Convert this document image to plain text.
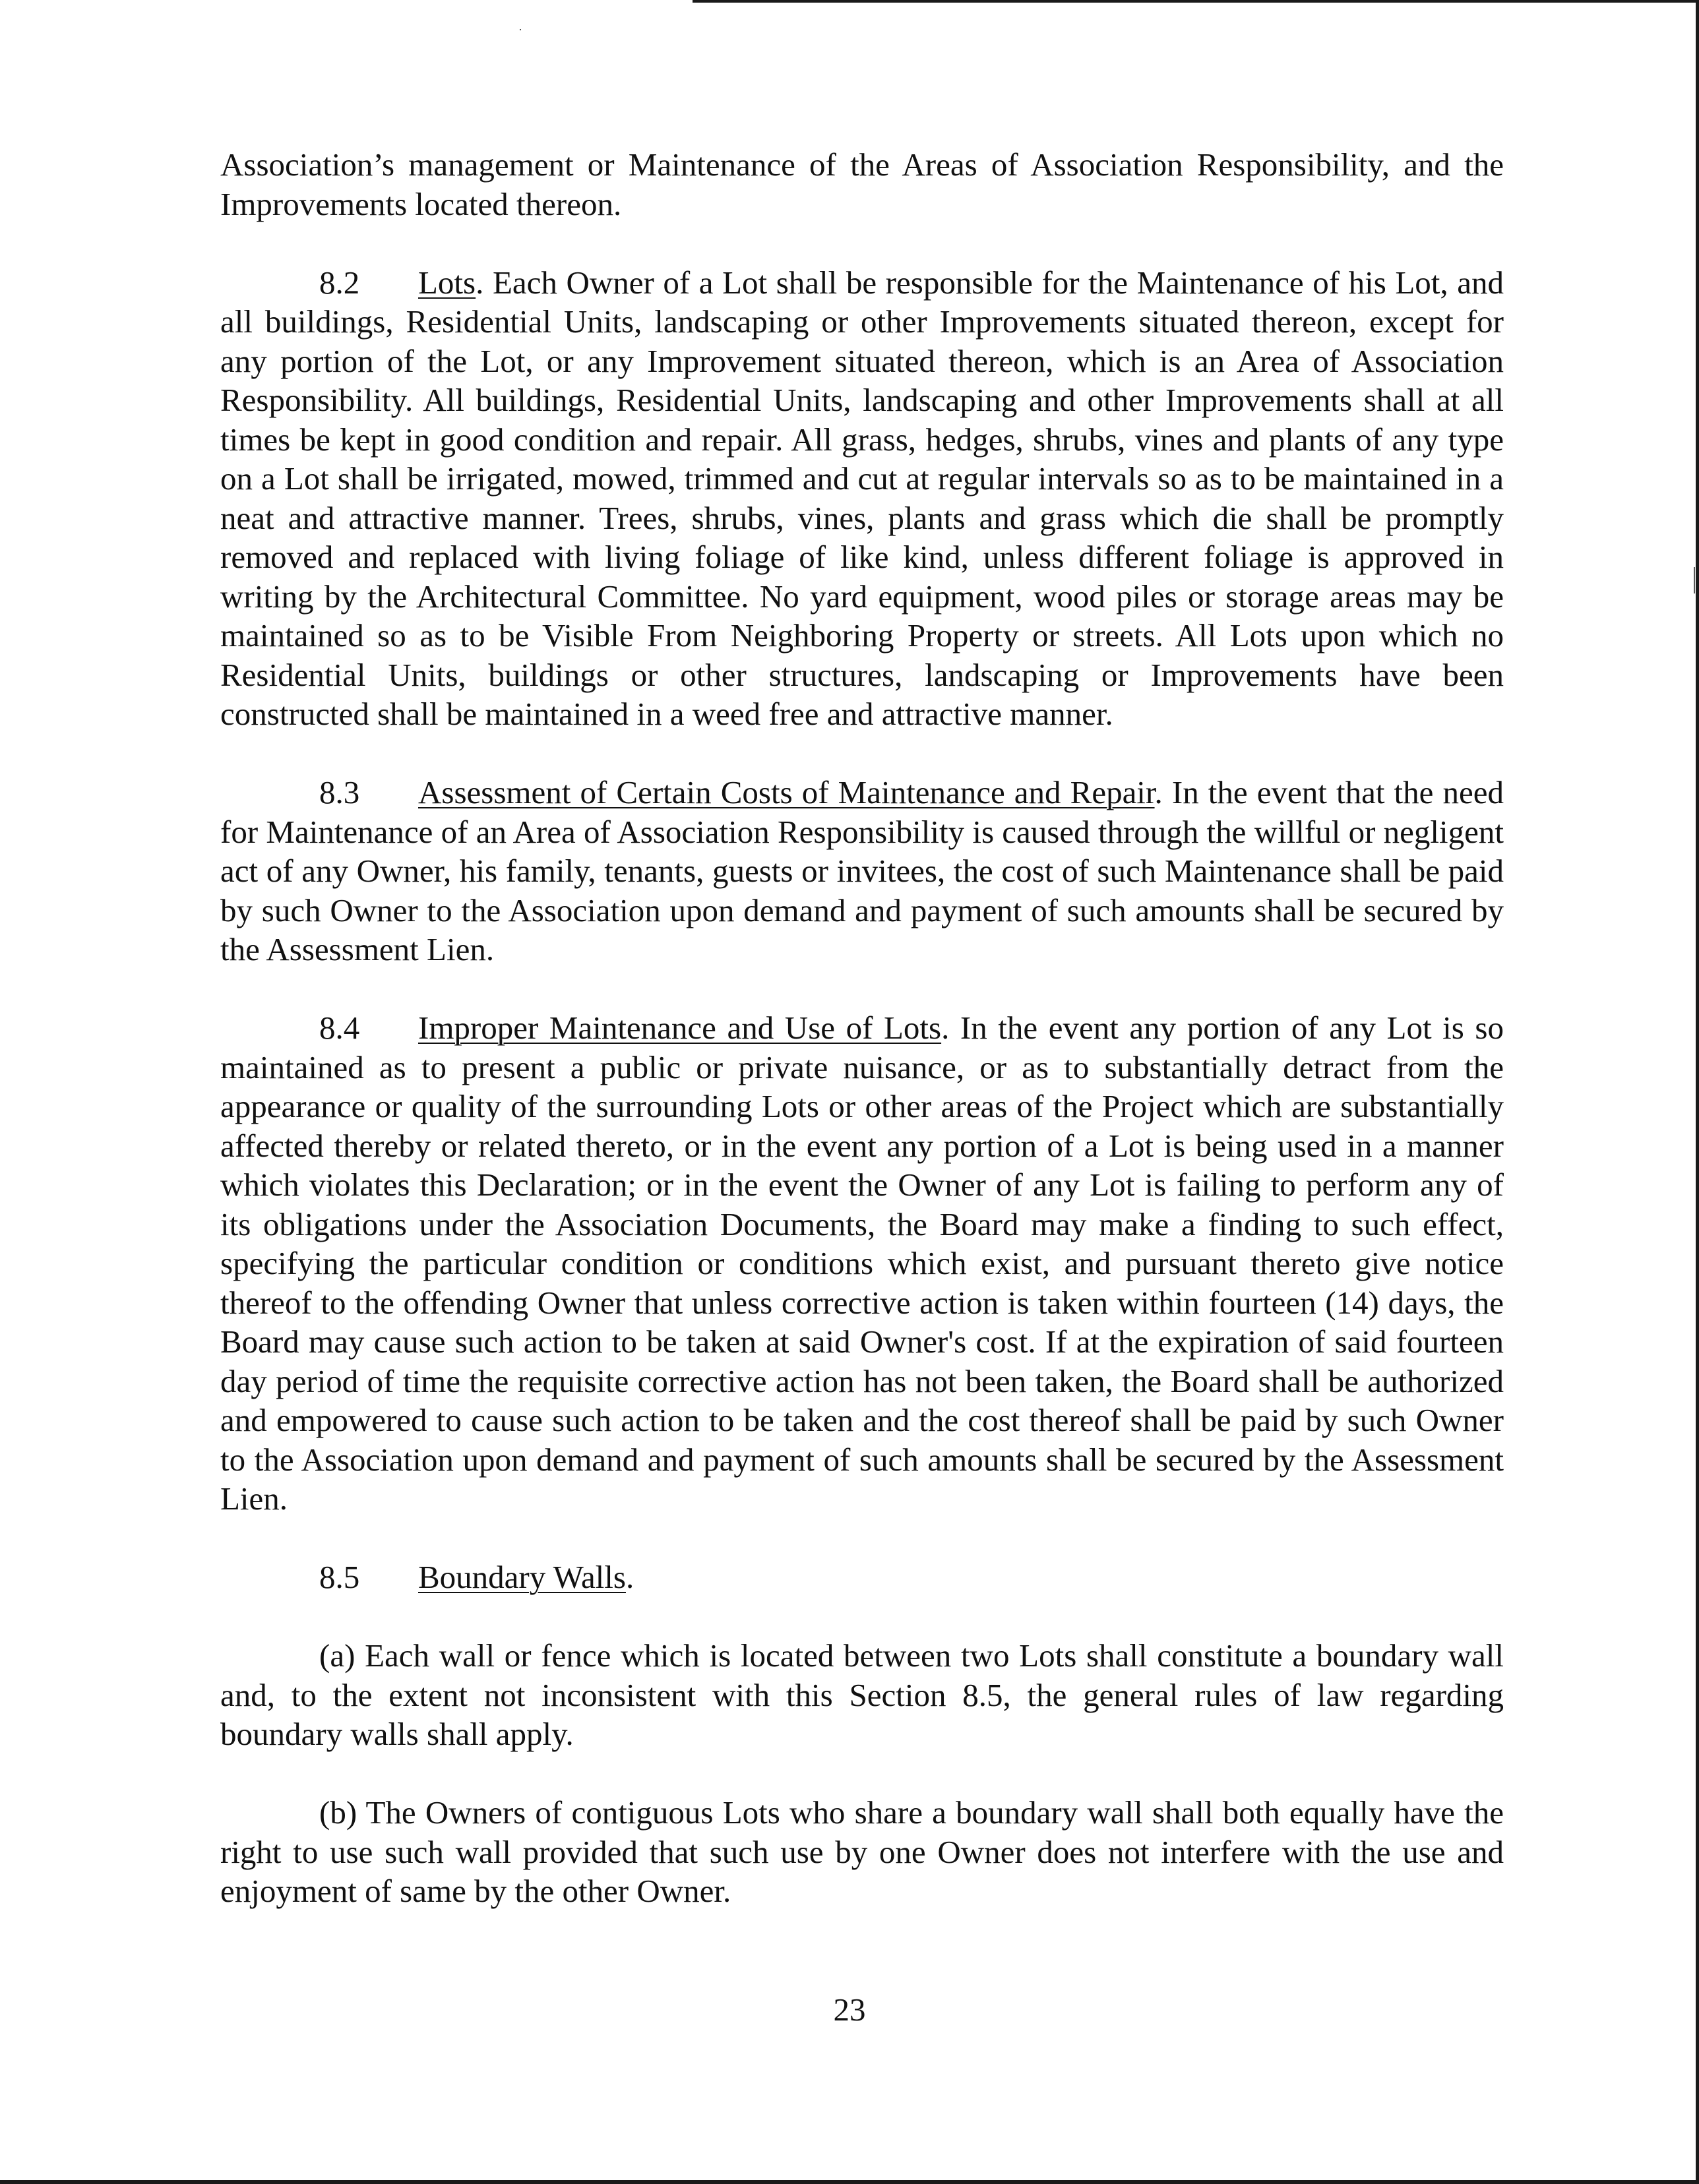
Association’s management or Maintenance of the Areas of Association Responsibility, and the Improvements located thereon.

8.2 Lots. Each Owner of a Lot shall be responsible for the Maintenance of his Lot, and all buildings, Residential Units, landscaping or other Improvements situated thereon, except for any portion of the Lot, or any Improvement situated thereon, which is an Area of Association Responsibility. All buildings, Residential Units, landscaping and other Improvements shall at all times be kept in good condition and repair. All grass, hedges, shrubs, vines and plants of any type on a Lot shall be irrigated, mowed, trimmed and cut at regular intervals so as to be maintained in a neat and attractive manner. Trees, shrubs, vines, plants and grass which die shall be promptly removed and replaced with living foliage of like kind, unless different foliage is approved in writing by the Architectural Committee. No yard equipment, wood piles or storage areas may be maintained so as to be Visible From Neighboring Property or streets. All Lots upon which no Residential Units, buildings or other structures, landscaping or Improvements have been constructed shall be maintained in a weed free and attractive manner.

8.3 Assessment of Certain Costs of Maintenance and Repair. In the event that the need for Maintenance of an Area of Association Responsibility is caused through the willful or negligent act of any Owner, his family, tenants, guests or invitees, the cost of such Maintenance shall be paid by such Owner to the Association upon demand and payment of such amounts shall be secured by the Assessment Lien.

8.4 Improper Maintenance and Use of Lots. In the event any portion of any Lot is so maintained as to present a public or private nuisance, or as to substantially detract from the appearance or quality of the surrounding Lots or other areas of the Project which are substantially affected thereby or related thereto, or in the event any portion of a Lot is being used in a manner which violates this Declaration; or in the event the Owner of any Lot is failing to perform any of its obligations under the Association Documents, the Board may make a finding to such effect, specifying the particular condition or conditions which exist, and pursuant thereto give notice thereof to the offending Owner that unless corrective action is taken within fourteen (14) days, the Board may cause such action to be taken at said Owner's cost. If at the expiration of said fourteen day period of time the requisite corrective action has not been taken, the Board shall be authorized and empowered to cause such action to be taken and the cost thereof shall be paid by such Owner to the Association upon demand and payment of such amounts shall be secured by the Assessment Lien.

8.5 Boundary Walls.

(a) Each wall or fence which is located between two Lots shall constitute a boundary wall and, to the extent not inconsistent with this Section 8.5, the general rules of law regarding boundary walls shall apply.

(b) The Owners of contiguous Lots who share a boundary wall shall both equally have the right to use such wall provided that such use by one Owner does not interfere with the use and enjoyment of same by the other Owner.

23
